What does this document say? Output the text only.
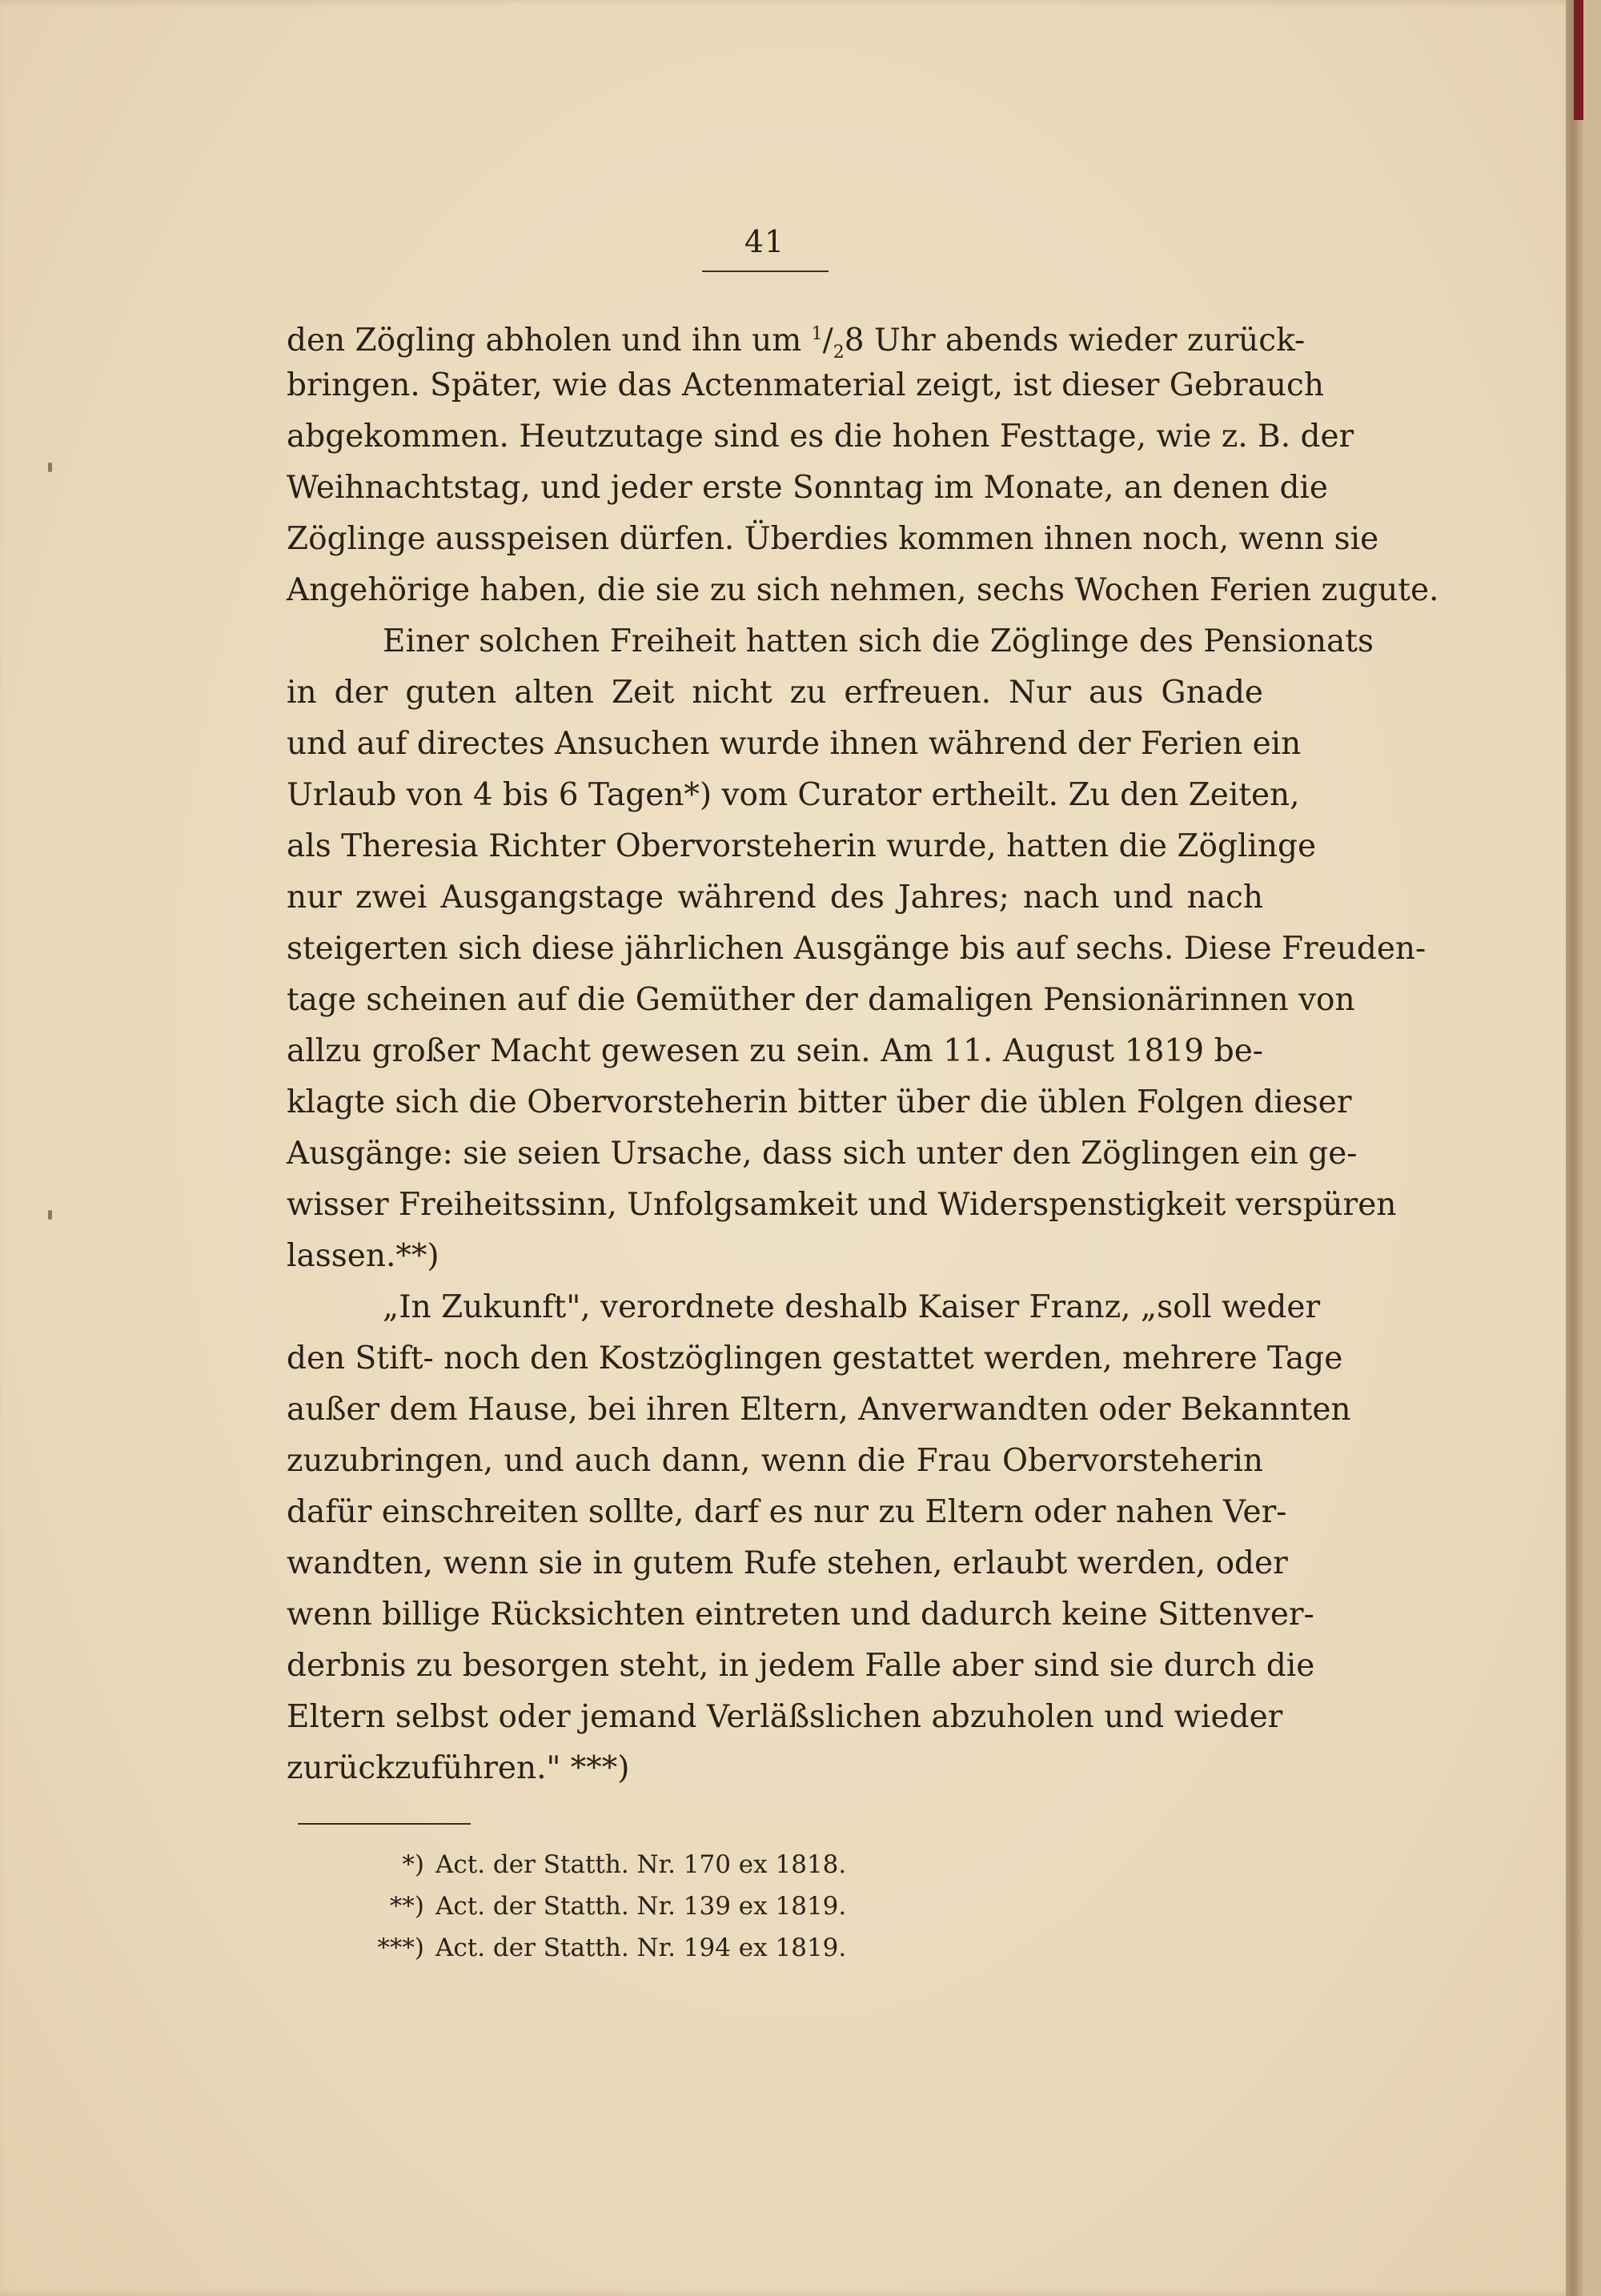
41
den Zögling abholen und ihn um $^1/_28$ Uhr abends wieder zurück-
bringen. Später, wie das Actenmaterial zeigt, ist dieser Gebrauch
abgekommen. Heutzutage sind es die hohen Festtage, wie z. B. der
Weihnachtstag, und jeder erste Sonntag im Monate, an denen die
Zöglinge ausspeisen dürfen. Überdies kommen ihnen noch, wenn sie
Angehörige haben, die sie zu sich nehmen, sechs Wochen Ferien zugute.
Einer solchen Freiheit hatten sich die Zöglinge des Pensionats
in der guten alten Zeit nicht zu erfreuen. Nur aus Gnade
und auf directes Ansuchen wurde ihnen während der Ferien ein
Urlaub von 4 bis 6 Tagen*) vom Curator ertheilt. Zu den Zeiten,
als Theresia Richter Obervorsteherin wurde, hatten die Zöglinge
nur zwei Ausgangstage während des Jahres; nach und nach
steigerten sich diese jährlichen Ausgänge bis auf sechs. Diese Freuden-
tage scheinen auf die Gemüther der damaligen Pensionärinnen von
allzu großer Macht gewesen zu sein. Am 11. August 1819 be-
klagte sich die Obervorsteherin bitter über die üblen Folgen dieser
Ausgänge: sie seien Ursache, dass sich unter den Zöglingen ein ge-
wisser Freiheitssinn, Unfolgsamkeit und Widerspenstigkeit verspüren
lassen.**)
„In Zukunft", verordnete deshalb Kaiser Franz, „soll weder
den Stift- noch den Kostzöglingen gestattet werden, mehrere Tage
außer dem Hause, bei ihren Eltern, Anverwandten oder Bekannten
zuzubringen, und auch dann, wenn die Frau Obervorsteherin
dafür einschreiten sollte, darf es nur zu Eltern oder nahen Ver-
wandten, wenn sie in gutem Rufe stehen, erlaubt werden, oder
wenn billige Rücksichten eintreten und dadurch keine Sittenver-
derbnis zu besorgen steht, in jedem Falle aber sind sie durch die
Eltern selbst oder jemand Verläßslichen abzuholen und wieder
zurückzuführen." ***)
*) Act. der Statth. Nr. 170 ex 1818.
**) Act. der Statth. Nr. 139 ex 1819.
***) Act. der Statth. Nr. 194 ex 1819.
